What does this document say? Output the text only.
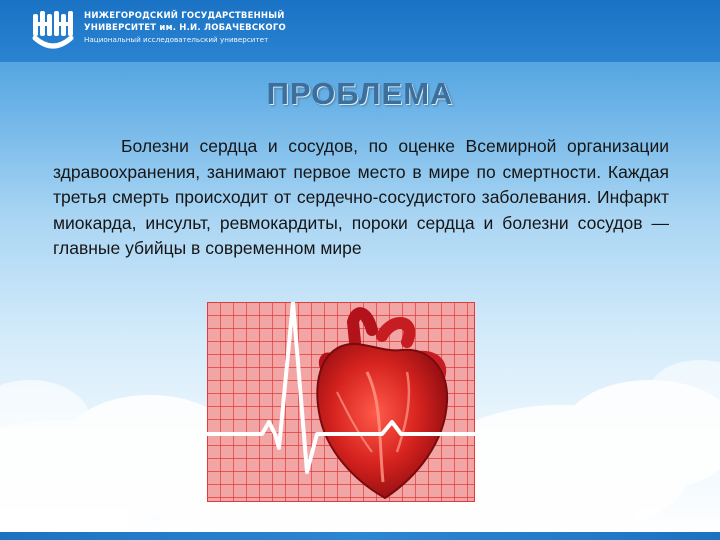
НИЖЕГОРОДСКИЙ ГОСУДАРСТВЕННЫЙ
УНИВЕРСИТЕТ им. Н.И. ЛОБАЧЕВСКОГО
Национальный исследовательский университет
ПРОБЛЕМА

Болезни сердца и сосудов, по оценке Всемирной организации здравоохранения, занимают первое место в мире по смертности. Каждая третья смерть происходит от сердечно-сосудистого заболевания. Инфаркт миокарда, инсульт, ревмокардиты, пороки сердца и болезни сосудов — главные убийцы в современном мире
